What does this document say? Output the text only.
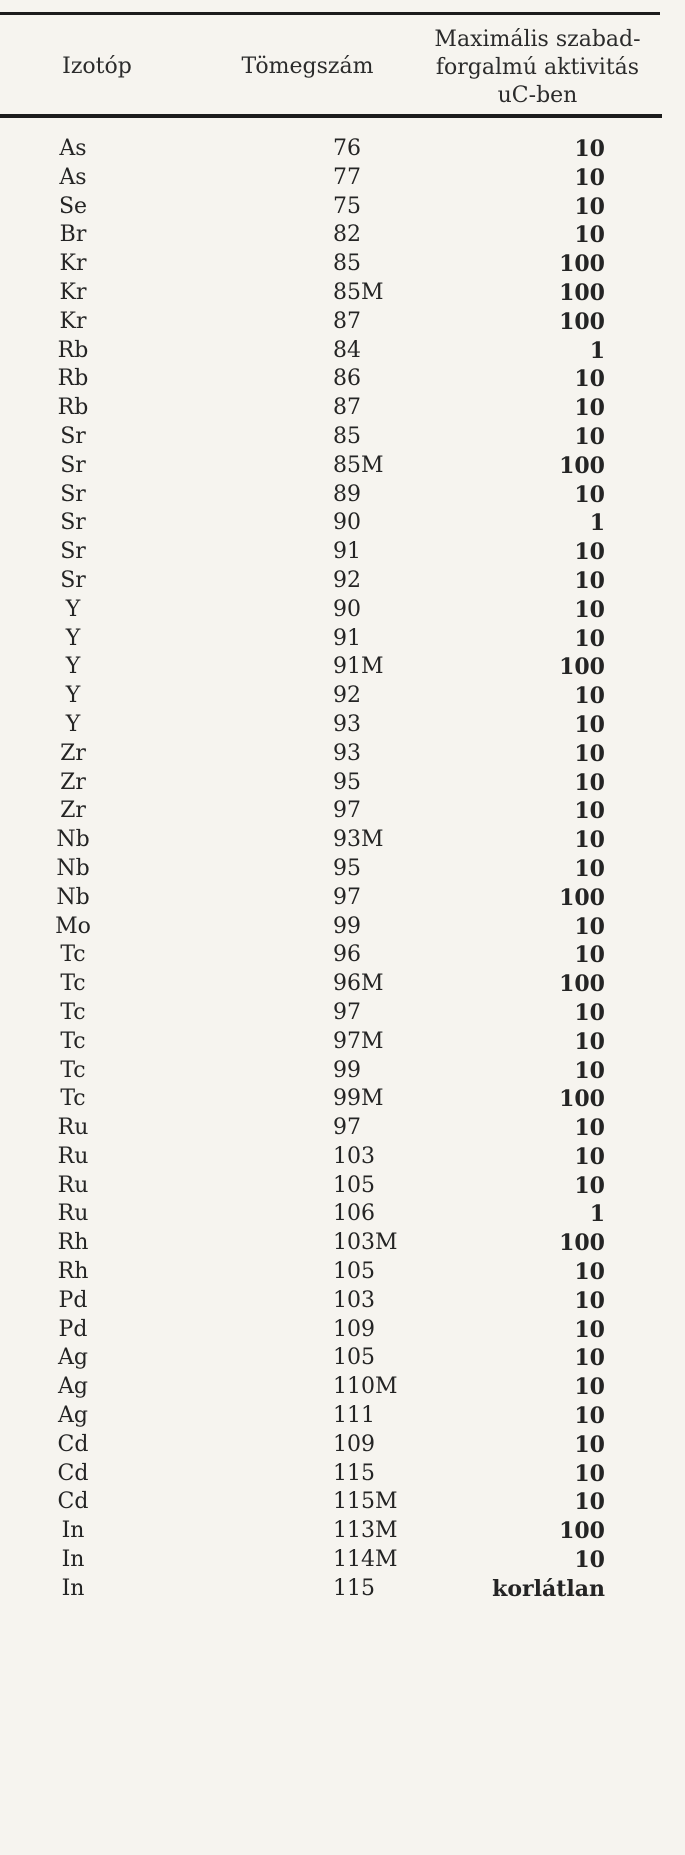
Izotóp	Tömegszám
Maximális szabad-
forgalmú aktivitás
uC-ben
As	76	10
As	77	10
Se	75	10
Br	82	10
Kr	85	100
Kr	85M	100
Kr	87	100
Rb	84	1
Rb	86	10
Rb	87	10
Sr	85	10
Sr	85M	100
Sr	89	10
Sr	90	1
Sr	91	10
Sr	92	10
Y	90	10
Y	91	10
Y	91M	100
Y	92	10
Y	93	10
Zr	93	10
Zr	95	10
Zr	97	10
Nb	93M	10
Nb	95	10
Nb	97	100
Mo	99	10
Tc	96	10
Tc	96M	100
Tc	97	10
Tc	97M	10
Tc	99	10
Tc	99M	100
Ru	97	10
Ru	103	10
Ru	105	10
Ru	106	1
Rh	103M	100
Rh	105	10
Pd	103	10
Pd	109	10
Ag	105	10
Ag	110M	10
Ag	111	10
Cd	109	10
Cd	115	10
Cd	115M	10
In	113M	100
In	114M	10
In	115	korlátlan
